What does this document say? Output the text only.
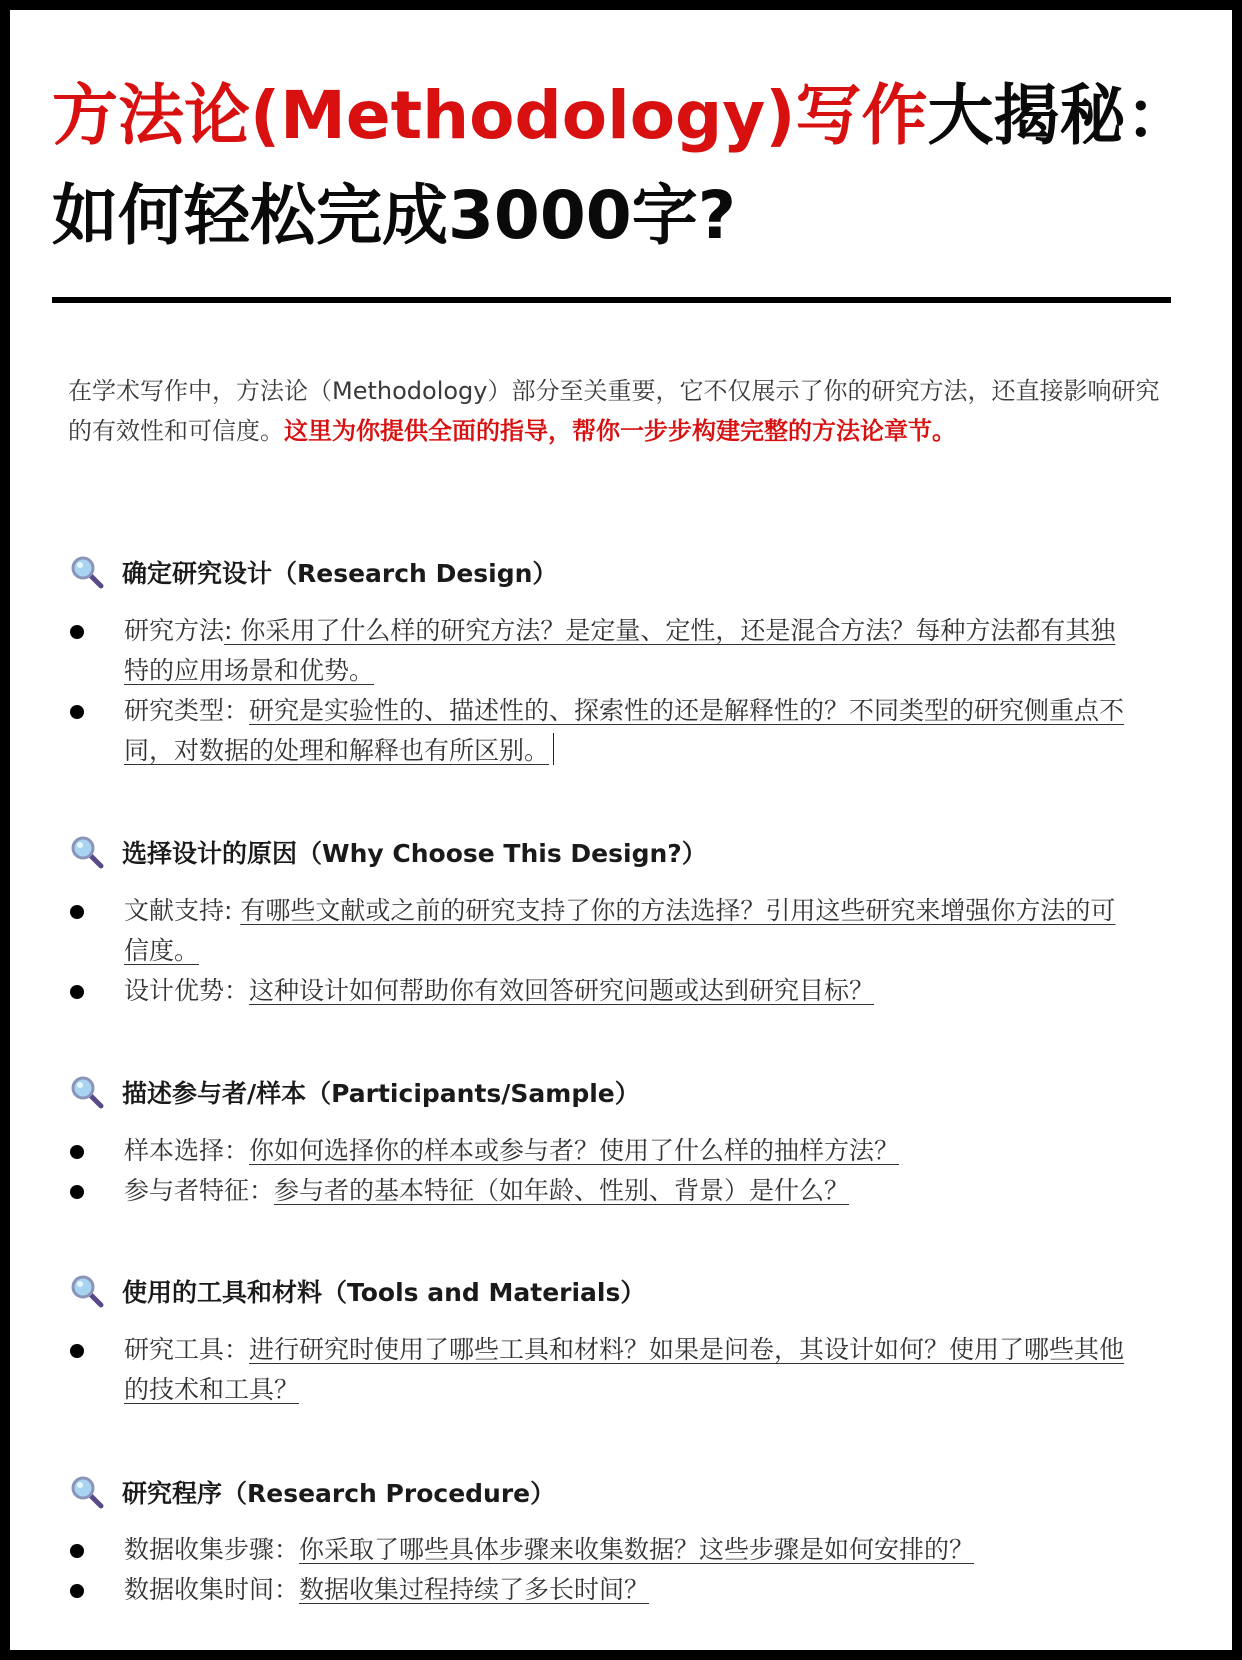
方法论(Methodology)写作大揭秘：
如何轻松完成3000字?

在学术写作中，方法论（Methodology）部分至关重要，它不仅展示了你的研究方法，还直接影响研究的有效性和可信度。这里为你提供全面的指导，帮你一步步构建完整的方法论章节。

确定研究设计（Research Design）
研究方法: 你采用了什么样的研究方法？是定量、定性，还是混合方法？每种方法都有其独特的应用场景和优势。
研究类型：研究是实验性的、描述性的、探索性的还是解释性的？不同类型的研究侧重点不同，对数据的处理和解释也有所区别。
选择设计的原因（Why Choose This Design?）
文献支持: 有哪些文献或之前的研究支持了你的方法选择？引用这些研究来增强你方法的可信度。
设计优势：这种设计如何帮助你有效回答研究问题或达到研究目标？
描述参与者/样本（Participants/Sample）
样本选择：你如何选择你的样本或参与者？使用了什么样的抽样方法？
参与者特征：参与者的基本特征（如年龄、性别、背景）是什么？
使用的工具和材料（Tools and Materials）
研究工具：进行研究时使用了哪些工具和材料？如果是问卷，其设计如何？使用了哪些其他的技术和工具？
研究程序（Research Procedure）
数据收集步骤：你采取了哪些具体步骤来收集数据？这些步骤是如何安排的？
数据收集时间：数据收集过程持续了多长时间？
